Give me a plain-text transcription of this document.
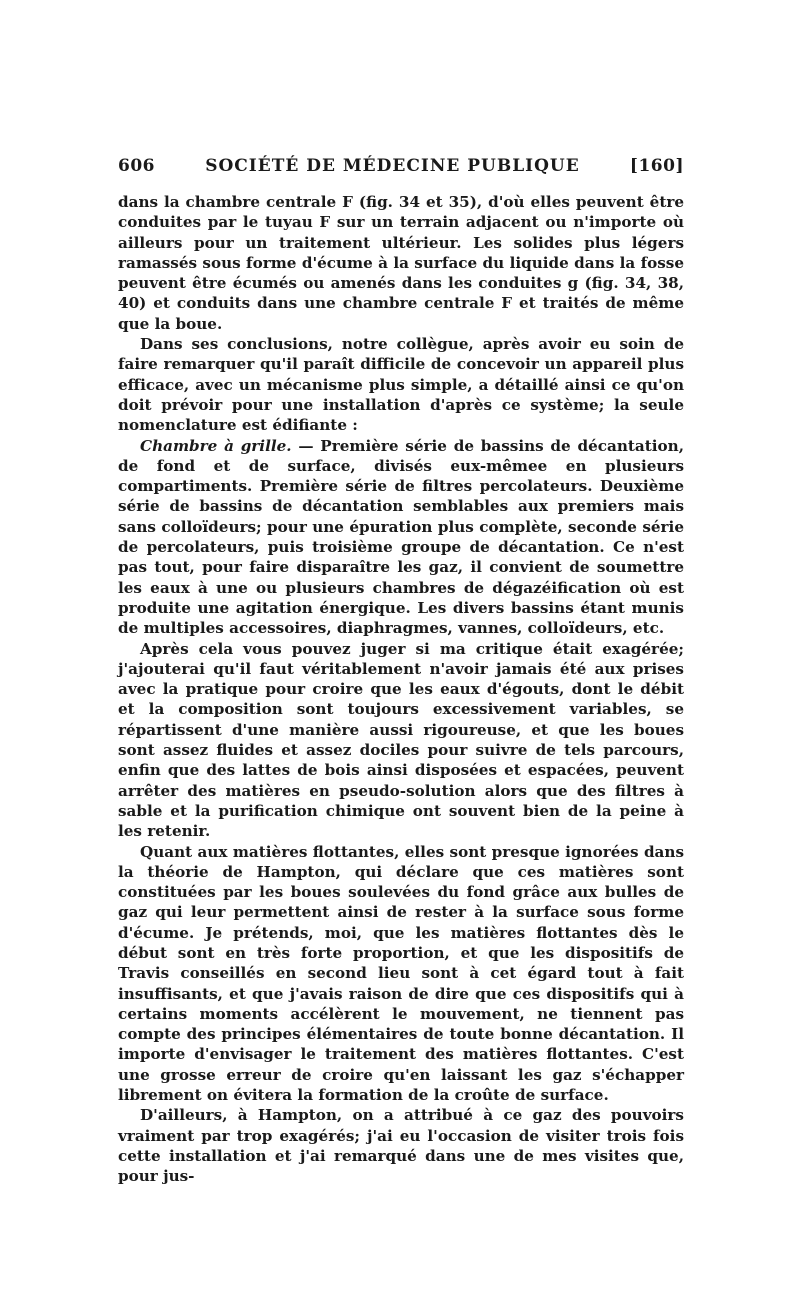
606	SOCIÉTÉ DE MÉDECINE PUBLIQUE	[160]

dans la chambre centrale F (fig. 34 et 35), d'où elles peuvent être conduites par le tuyau F sur un terrain adjacent ou n'importe où ailleurs pour un traitement ultérieur. Les solides plus légers ramassés sous forme d'écume à la surface du liquide dans la fosse peuvent être écumés ou amenés dans les conduites g (fig. 34, 38, 40) et conduits dans une chambre centrale F et traités de même que la boue.

Dans ses conclusions, notre collègue, après avoir eu soin de faire remarquer qu'il paraît difficile de concevoir un appareil plus efficace, avec un mécanisme plus simple, a détaillé ainsi ce qu'on doit prévoir pour une installation d'après ce système; la seule nomenclature est édifiante :

Chambre à grille. — Première série de bassins de décantation, de fond et de surface, divisés eux-mêmee en plusieurs compartiments. Première série de filtres percolateurs. Deuxième série de bassins de décantation semblables aux premiers mais sans colloïdeurs; pour une épuration plus complète, seconde série de percolateurs, puis troisième groupe de décantation. Ce n'est pas tout, pour faire disparaître les gaz, il convient de soumettre les eaux à une ou plusieurs chambres de dégazéification où est produite une agitation énergique. Les divers bassins étant munis de multiples accessoires, diaphragmes, vannes, colloïdeurs, etc.

Après cela vous pouvez juger si ma critique était exagérée; j'ajouterai qu'il faut véritablement n'avoir jamais été aux prises avec la pratique pour croire que les eaux d'égouts, dont le débit et la composition sont toujours excessivement variables, se répartissent d'une manière aussi rigoureuse, et que les boues sont assez fluides et assez dociles pour suivre de tels parcours, enfin que des lattes de bois ainsi disposées et espacées, peuvent arrêter des matières en pseudo-solution alors que des filtres à sable et la purification chimique ont souvent bien de la peine à les retenir.

Quant aux matières flottantes, elles sont presque ignorées dans la théorie de Hampton, qui déclare que ces matières sont constituées par les boues soulevées du fond grâce aux bulles de gaz qui leur permettent ainsi de rester à la surface sous forme d'écume. Je prétends, moi, que les matières flottantes dès le début sont en très forte proportion, et que les dispositifs de Travis conseillés en second lieu sont à cet égard tout à fait insuffisants, et que j'avais raison de dire que ces dispositifs qui à certains moments accélèrent le mouvement, ne tiennent pas compte des principes élémentaires de toute bonne décantation. Il importe d'envisager le traitement des matières flottantes. C'est une grosse erreur de croire qu'en laissant les gaz s'échapper librement on évitera la formation de la croûte de surface.

D'ailleurs, à Hampton, on a attribué à ce gaz des pouvoirs vraiment par trop exagérés; j'ai eu l'occasion de visiter trois fois cette installation et j'ai remarqué dans une de mes visites que, pour jus-
